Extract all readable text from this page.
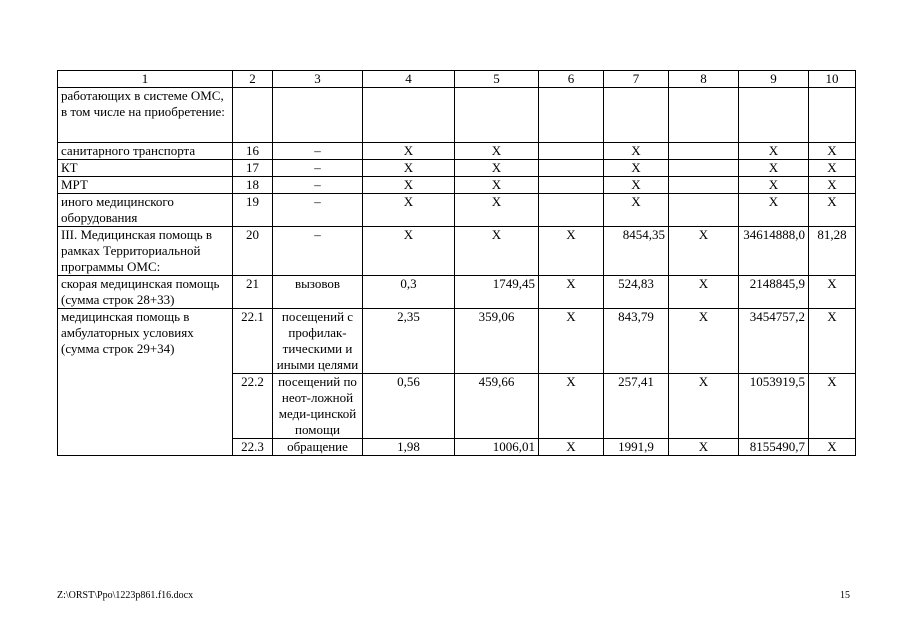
1	2	3	4	5	6	7	8	9	10
работающих в системе ОМС, в том числе на приобретение:									
санитарного транспорта	16	–	X	X		X		X	X
КТ	17	–	X	X		X		X	X
МРТ	18	–	X	X		X		X	X
иного медицинского оборудования	19	–	X	X		X		X	X
III. Медицинская помощь в рамках Территориальной программы ОМС:	20	–	X	X	X	8454,35	X	34614888,0	81,28
скорая медицинская помощь (сумма строк 28+33)	21	вызовов	0,3	1749,45	X	524,83	X	2148845,9	X
медицинская помощь в амбулаторных условиях (сумма строк 29+34)	22.1	посещений с профилак-тическими и иными целями	2,35	359,06	X	843,79	X	3454757,2	X
	22.2	посещений по неот-ложной меди-цинской помощи	0,56	459,66	X	257,41	X	1053919,5	X
	22.3	обращение	1,98	1006,01	X	1991,9	X	8155490,7	X
Z:\ORST\Ppo\1223p861.f16.docx	15
